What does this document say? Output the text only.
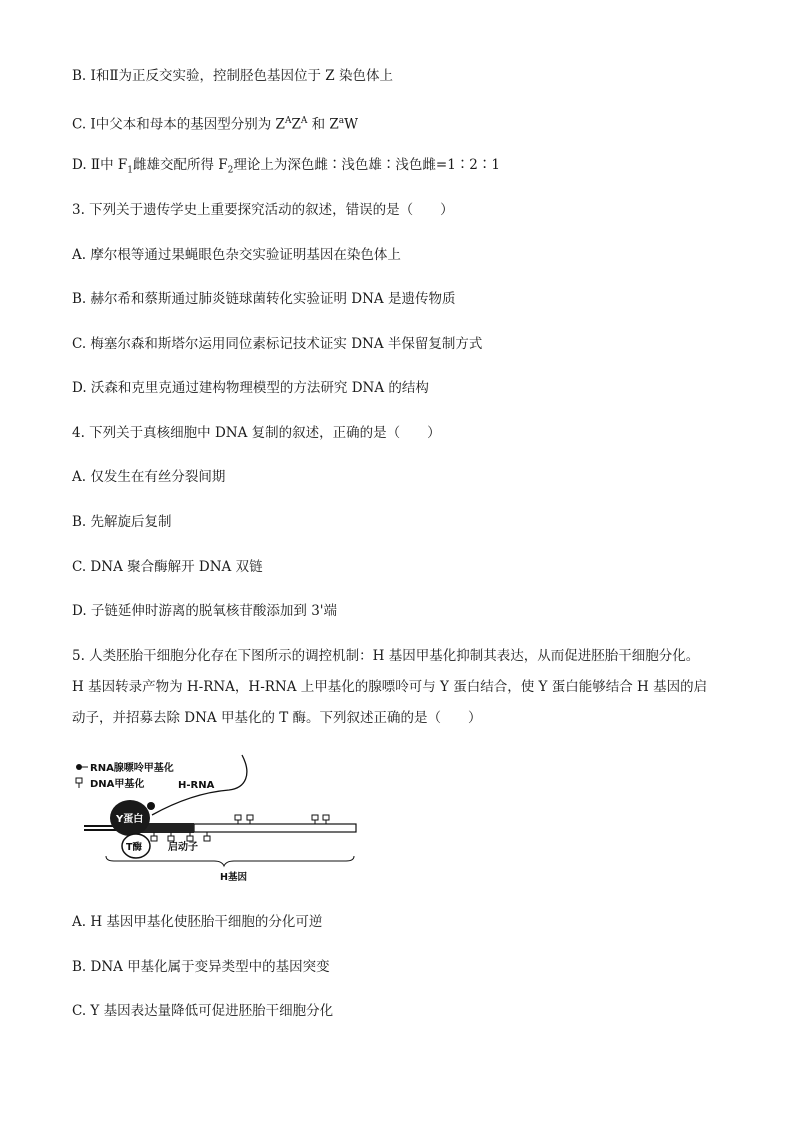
B. Ⅰ和Ⅱ为正反交实验，控制胫色基因位于 Z 染色体上

C. Ⅰ中父本和母本的基因型分别为 $Z^AZ^A$ 和 $Z^aW$

D. Ⅱ中 $F_1$雌雄交配所得 $F_2$理论上为深色雌∶浅色雄∶浅色雌=1∶2∶1

3. 下列关于遗传学史上重要探究活动的叙述，错误的是（　　）

A. 摩尔根等通过果蝇眼色杂交实验证明基因在染色体上

B. 赫尔希和蔡斯通过肺炎链球菌转化实验证明 DNA 是遗传物质

C. 梅塞尔森和斯塔尔运用同位素标记技术证实 DNA 半保留复制方式

D. 沃森和克里克通过建构物理模型的方法研究 DNA 的结构

4. 下列关于真核细胞中 DNA 复制的叙述，正确的是（　　）

A. 仅发生在有丝分裂间期

B. 先解旋后复制

C. DNA 聚合酶解开 DNA 双链

D. 子链延伸时游离的脱氧核苷酸添加到 3'端

5. 人类胚胎干细胞分化存在下图所示的调控机制：H 基因甲基化抑制其表达，从而促进胚胎干细胞分化。

H 基因转录产物为 H-RNA，H-RNA 上甲基化的腺嘌呤可与 Y 蛋白结合，使 Y 蛋白能够结合 H 基因的启

动子，并招募去除 DNA 甲基化的 T 酶。下列叙述正确的是（　　）

RNA腺嘌呤甲基化
DNA甲基化	H-RNA
Y蛋白
T酶	启动子
H基因

A. H 基因甲基化使胚胎干细胞的分化可逆

B. DNA 甲基化属于变异类型中的基因突变

C. Y 基因表达量降低可促进胚胎干细胞分化
